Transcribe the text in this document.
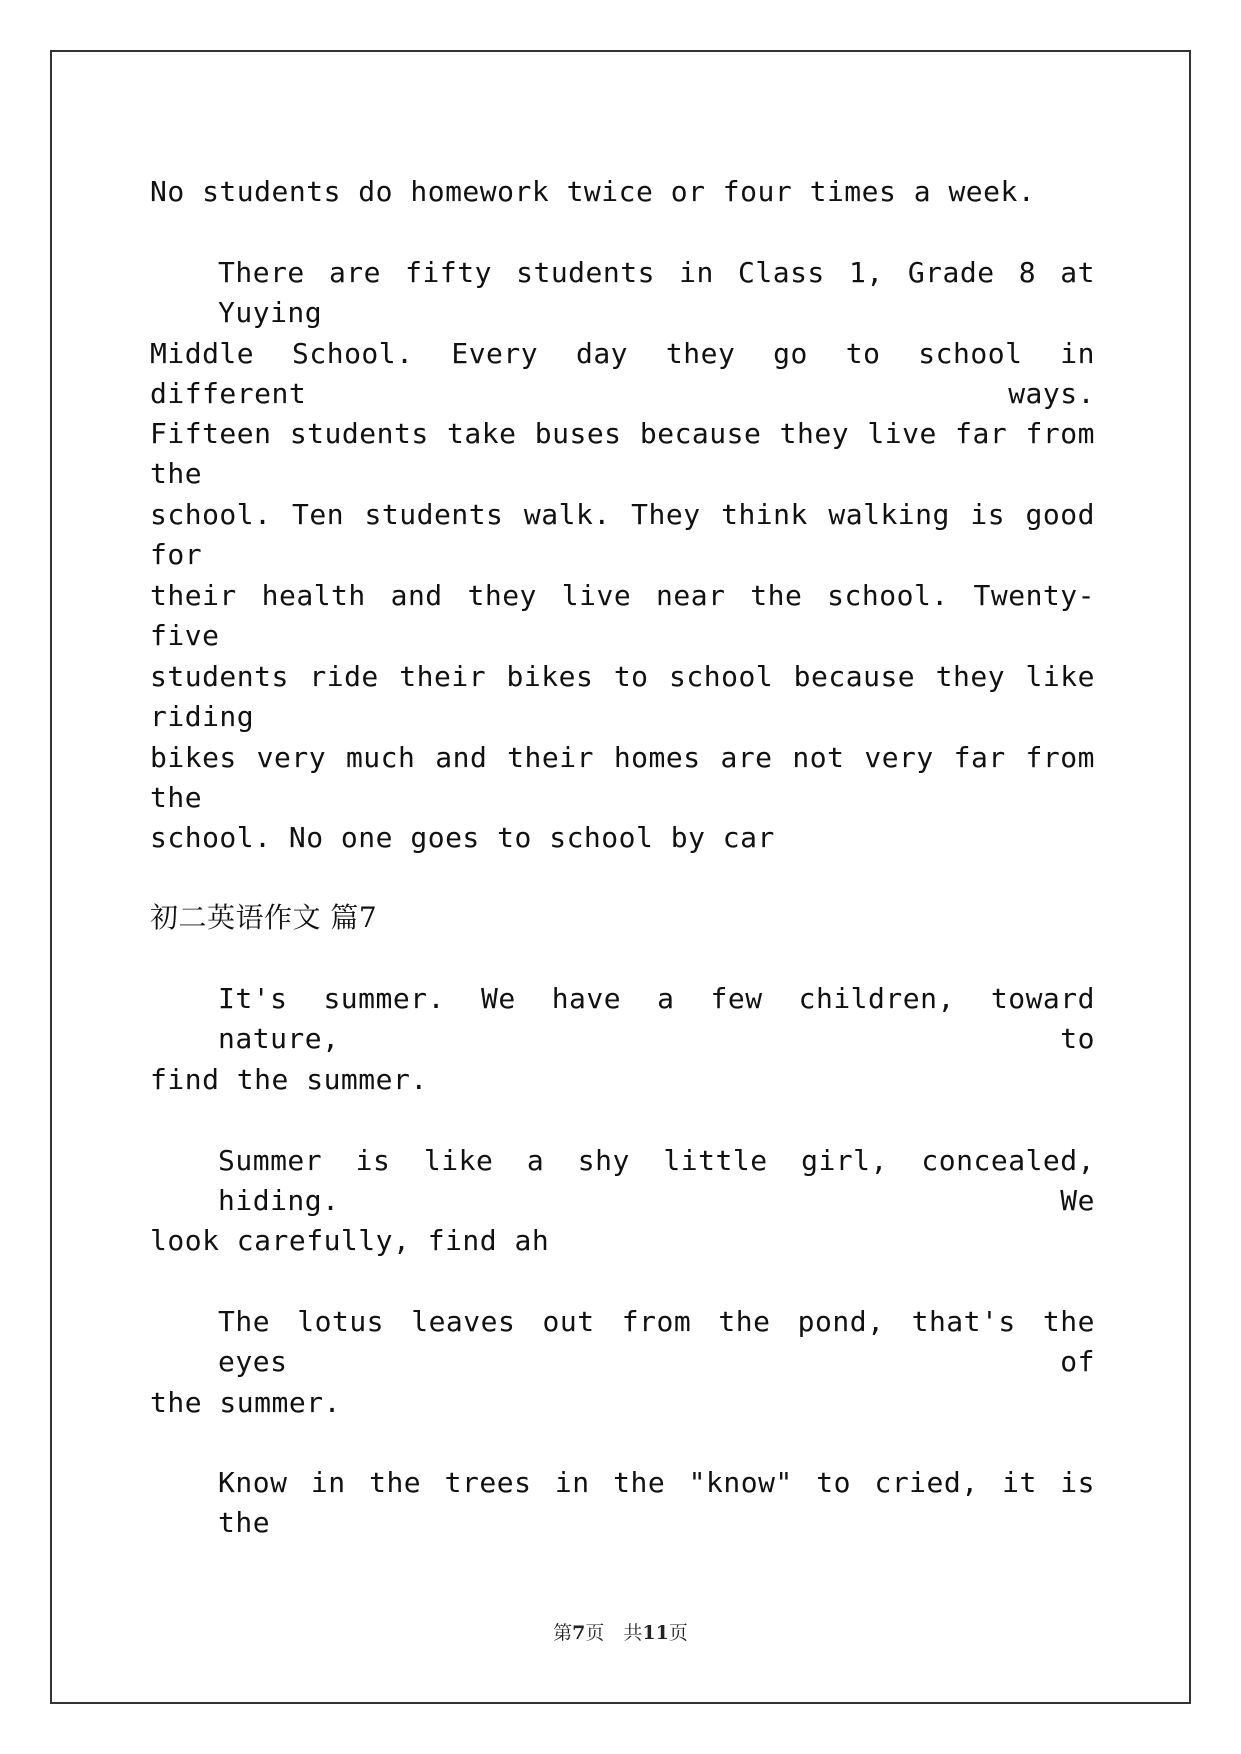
No students do homework twice or four times a week.
There are fifty students in Class 1, Grade 8 at Yuying
Middle School. Every day they go to school in different ways.
Fifteen students take buses because they live far from the
school. Ten students walk. They think walking is good for
their health and they live near the school. Twenty-five
students ride their bikes to school because they like riding
bikes very much and their homes are not very far from the
school. No one goes to school by car
初二英语作文 篇7
It's summer. We have a few children, toward nature, to
find the summer.
Summer is like a shy little girl, concealed, hiding. We
look carefully, find ah
The lotus leaves out from the pond, that's the eyes of
the summer.
Know in the trees in the "know" to cried, it is the
第7页　共11页
